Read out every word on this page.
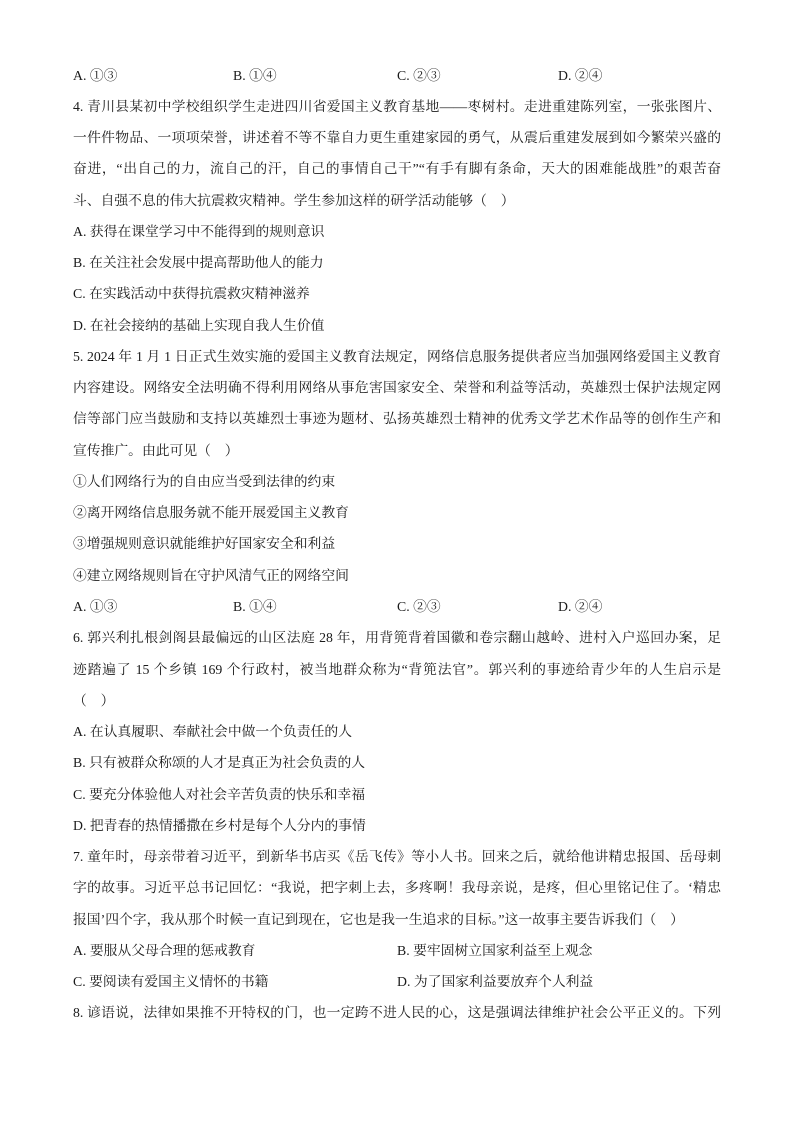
A. ①③	B. ①④	C. ②③	D. ②④
4. 青川县某初中学校组织学生走进四川省爱国主义教育基地——枣树村。走进重建陈列室，一张张图片、
一件件物品、一项项荣誉，讲述着不等不靠自力更生重建家园的勇气，从震后重建发展到如今繁荣兴盛的
奋进，“出自己的力，流自己的汗，自己的事情自己干”“有手有脚有条命，天大的困难能战胜”的艰苦奋
斗、自强不息的伟大抗震救灾精神。学生参加这样的研学活动能够（    ）
A. 获得在课堂学习中不能得到的规则意识
B. 在关注社会发展中提高帮助他人的能力
C. 在实践活动中获得抗震救灾精神滋养
D. 在社会接纳的基础上实现自我人生价值
5. 2024 年 1 月 1 日正式生效实施的爱国主义教育法规定，网络信息服务提供者应当加强网络爱国主义教育
内容建设。网络安全法明确不得利用网络从事危害国家安全、荣誉和利益等活动，英雄烈士保护法规定网
信等部门应当鼓励和支持以英雄烈士事迹为题材、弘扬英雄烈士精神的优秀文学艺术作品等的创作生产和
宣传推广。由此可见（    ）
①人们网络行为的自由应当受到法律的约束
②离开网络信息服务就不能开展爱国主义教育
③增强规则意识就能维护好国家安全和利益
④建立网络规则旨在守护风清气正的网络空间
A. ①③	B. ①④	C. ②③	D. ②④
6. 郭兴利扎根剑阁县最偏远的山区法庭 28 年，用背篼背着国徽和卷宗翻山越岭、进村入户巡回办案，足
迹踏遍了 15 个乡镇 169 个行政村，被当地群众称为“背篼法官”。郭兴利的事迹给青少年的人生启示是
（    ）
A. 在认真履职、奉献社会中做一个负责任的人
B. 只有被群众称颂的人才是真正为社会负责的人
C. 要充分体验他人对社会辛苦负责的快乐和幸福
D. 把青春的热情播撒在乡村是每个人分内的事情
7. 童年时，母亲带着习近平，到新华书店买《岳飞传》等小人书。回来之后，就给他讲精忠报国、岳母刺
字的故事。习近平总书记回忆：“我说，把字刺上去，多疼啊！我母亲说，是疼，但心里铭记住了。‘精忠
报国’四个字，我从那个时候一直记到现在，它也是我一生追求的目标。”这一故事主要告诉我们（    ）
A. 要服从父母合理的惩戒教育	B. 要牢固树立国家利益至上观念
C. 要阅读有爱国主义情怀的书籍	D. 为了国家利益要放弃个人利益
8. 谚语说，法律如果推不开特权的门，也一定跨不进人民的心，这是强调法律维护社会公平正义的。下列
